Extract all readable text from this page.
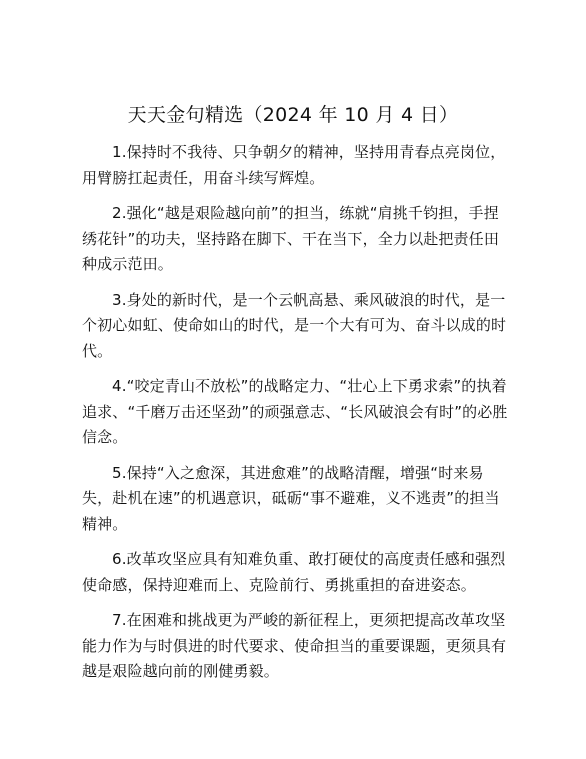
天天金句精选（2024 年 10 月 4 日）

1.保持时不我待、只争朝夕的精神，坚持用青春点亮岗位，用臂膀扛起责任，用奋斗续写辉煌。

2.强化“越是艰险越向前”的担当，练就“肩挑千钧担，手捏绣花针”的功夫，坚持路在脚下、干在当下，全力以赴把责任田种成示范田。

3.身处的新时代，是一个云帆高悬、乘风破浪的时代，是一个初心如虹、使命如山的时代，是一个大有可为、奋斗以成的时代。

4.“咬定青山不放松”的战略定力、“壮心上下勇求索”的执着追求、“千磨万击还坚劲”的顽强意志、“长风破浪会有时”的必胜信念。

5.保持“入之愈深，其进愈难”的战略清醒，增强“时来易失，赴机在速”的机遇意识，砥砺“事不避难，义不逃责”的担当精神。

6.改革攻坚应具有知难负重、敢打硬仗的高度责任感和强烈使命感，保持迎难而上、克险前行、勇挑重担的奋进姿态。

7.在困难和挑战更为严峻的新征程上，更须把提高改革攻坚能力作为与时俱进的时代要求、使命担当的重要课题，更须具有越是艰险越向前的刚健勇毅。
